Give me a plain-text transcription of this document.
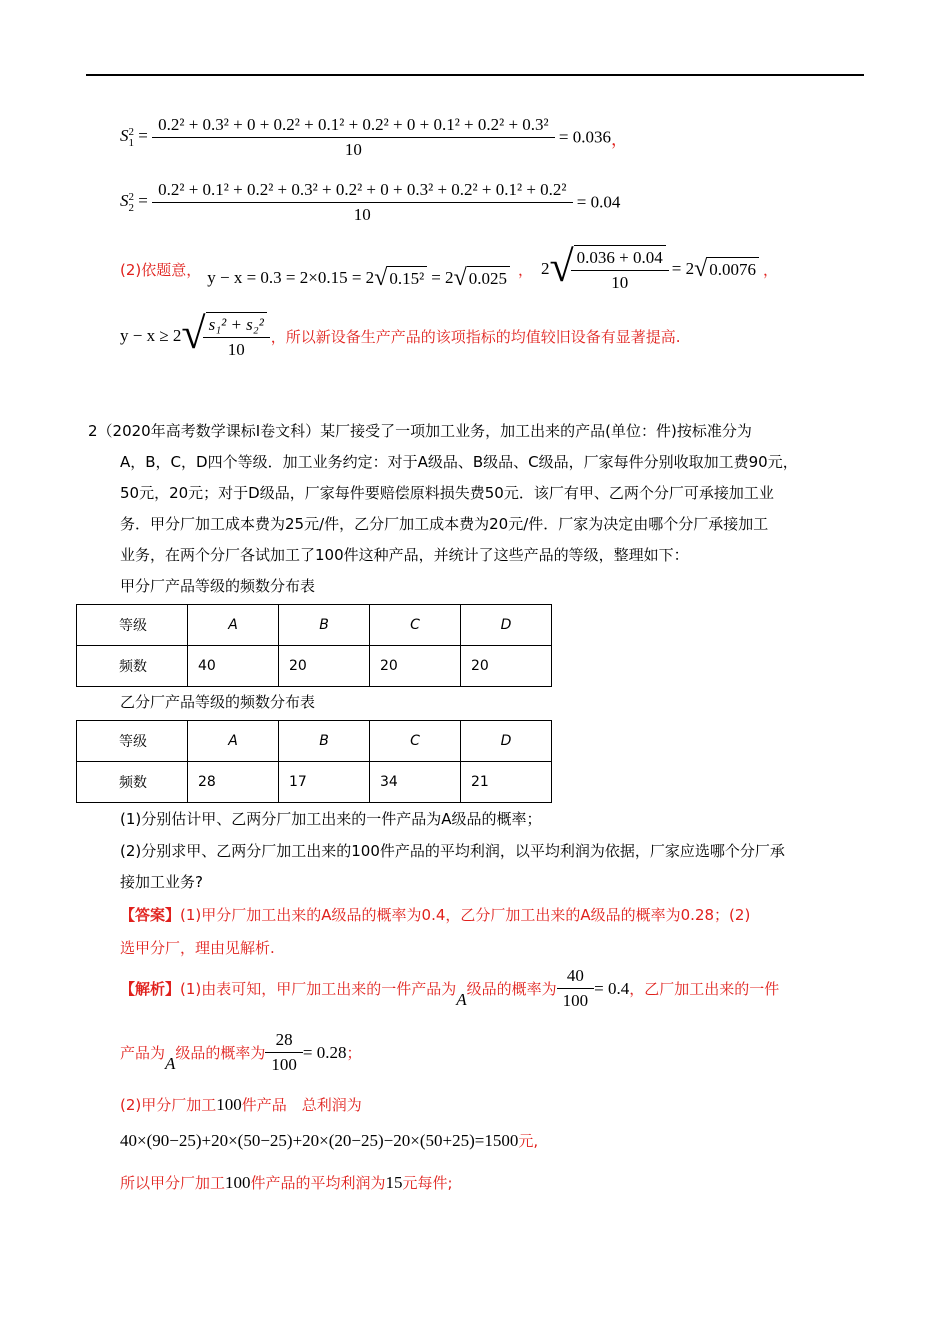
S 2
1 =
0.2² + 0.3² + 0 + 0.2² + 0.1² + 0.2² + 0 + 0.1² + 0.2² + 0.3²
10
= 0.036，
S 2
2 =
0.2² + 0.1² + 0.2² + 0.3² + 0.2² + 0 + 0.3² + 0.2² + 0.1² + 0.2²
10
= 0.04
(2)依题意， y − x = 0.3 = 2×0.15 = 2 √ 0.15² = 2 √ 0.025 ， 2 √ $\frac{0.036 + 0.04}{10} = 2$ √ 0.0076 ，
y − x ≥ 2 √ $\frac{\text{s₁² + s₂²}}{10}$ ，所以新设备生产产品的该项指标的均值较旧设备有显著提高.
2（2020年高考数学课标Ⅰ卷文科）某厂接受了一项加工业务，加工出来的产品(单位：件)按标准分为
A，B，C，D四个等级．加工业务约定：对于A级品、B级品、C级品，厂家每件分别收取加工费90元，
50元，20元；对于D级品，厂家每件要赔偿原料损失费50元．该厂有甲、乙两个分厂可承接加工业
务．甲分厂加工成本费为25元/件，乙分厂加工成本费为20元/件．厂家为决定由哪个分厂承接加工
业务，在两个分厂各试加工了100件这种产品，并统计了这些产品的等级，整理如下：
甲分厂产品等级的频数分布表
等级	A	B	C	D
频数	40	20	20	20
乙分厂产品等级的频数分布表
等级	A	B	C	D
频数	28	17	34	21
(1)分别估计甲、乙两分厂加工出来的一件产品为A级品的概率；
(2)分别求甲、乙两分厂加工出来的100件产品的平均利润，以平均利润为依据，厂家应选哪个分厂承
接加工业务?
【答案】(1)甲分厂加工出来的A级品的概率为0.4，乙分厂加工出来的A级品的概率为0.28；(2)
选甲分厂，理由见解析.
【解析】 (1)由表可知，甲厂加工出来的一件产品为
A
级品的概率为 $\frac{40}{100} = 0.4$ ，乙厂加工出来的一件
产品为
A
级品的概率为 $\frac{28}{100} = 0.28$ ；
(2)甲分厂加工100件产品　总利润为
40×(90−25)+20×(50−25)+20×(20−25)−20×(50+25)=1500元,
所以甲分厂加工100件产品的平均利润为15元每件;
